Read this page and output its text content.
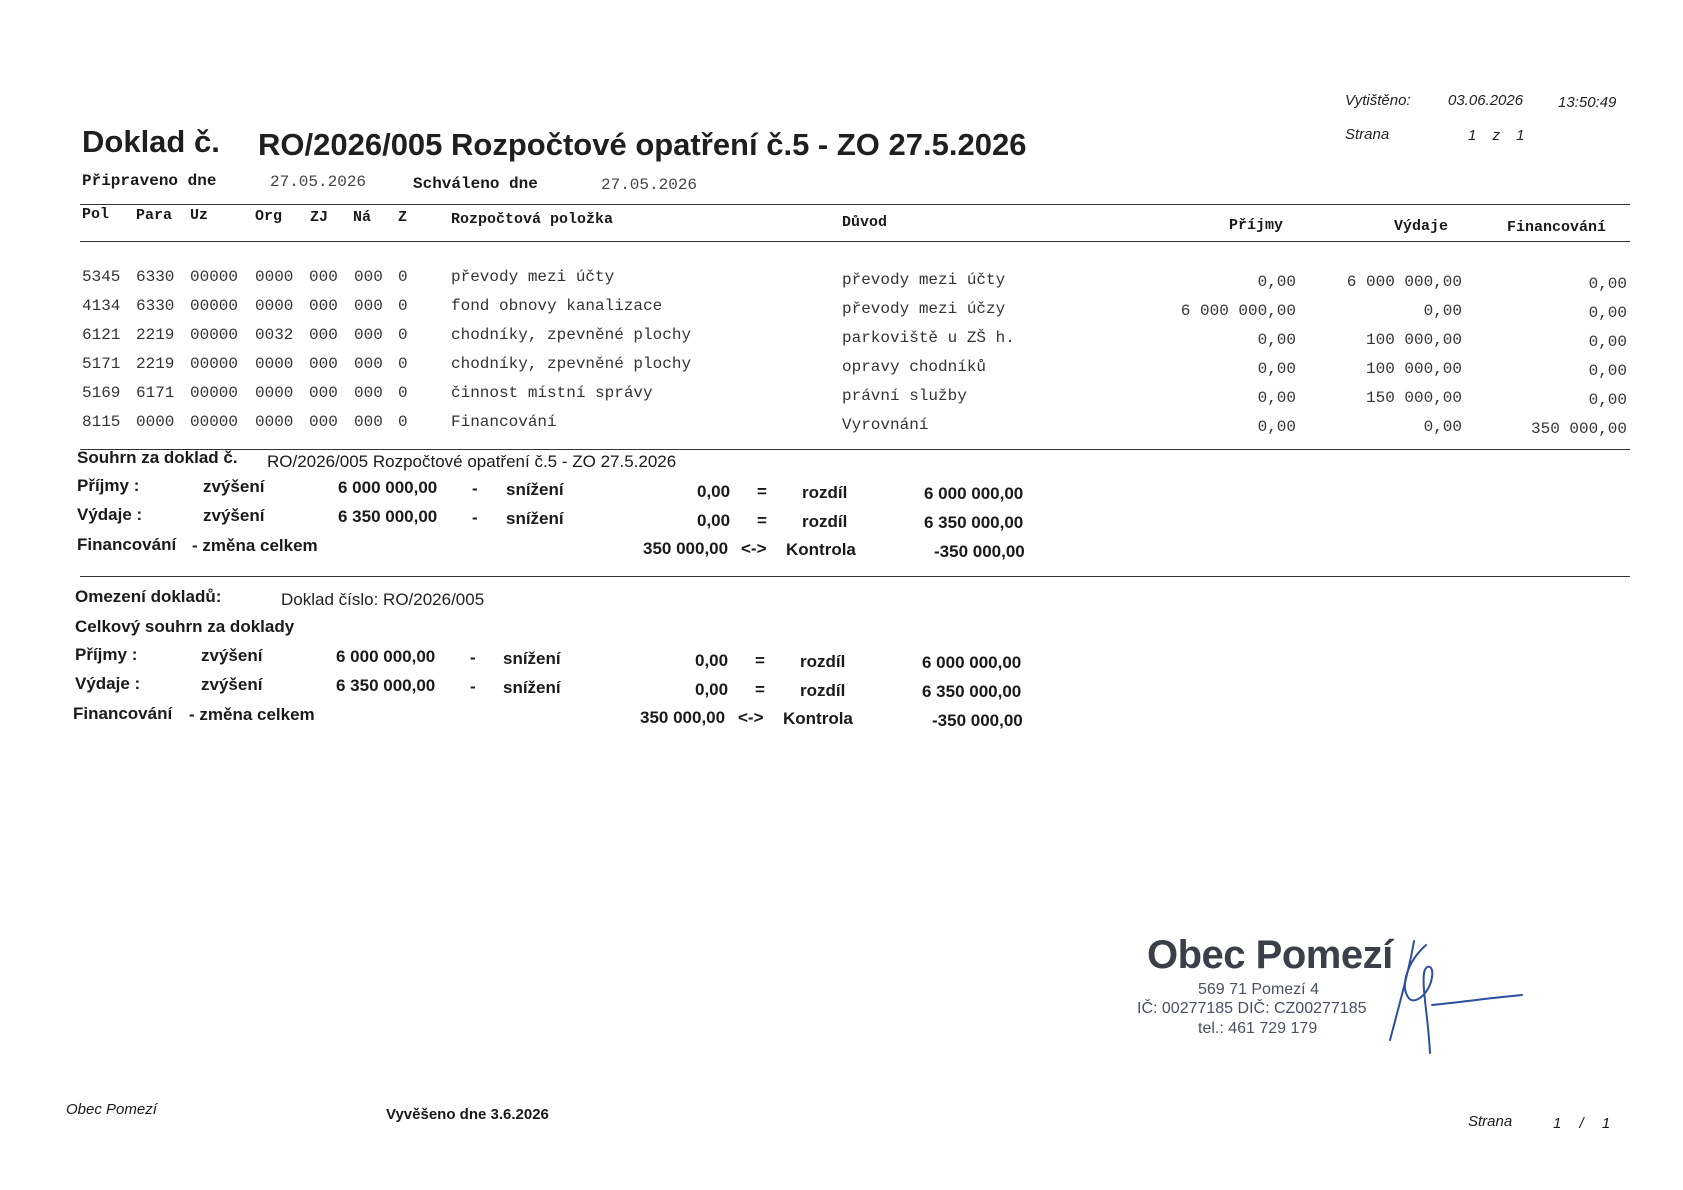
Vytištěno: 03.06.2026 13:50:49
Strana	1 z 1
Doklad č. RO/2026/005 Rozpočtové opatření č.5 - ZO 27.5.2026
Připraveno dne	27.05.2026	Schváleno dne	27.05.2026
Pol Para Uz	Org ZJ Ná Z	Rozpočtová položka	Důvod	Příjmy	Výdaje	Financování
5345 6330 00000 0000 000 000 0	převody mezi účty	převody mezi účty	0,00	6 000 000,00	0,00
4134 6330 00000 0000 000 000 0	fond obnovy kanalizace	převody mezi účzy	6 000 000,00	0,00	0,00
6121 2219 00000 0032 000 000 0	chodníky, zpevněné plochy	parkoviště u ZŠ h.	0,00	100 000,00	0,00
5171 2219 00000 0000 000 000 0	chodníky, zpevněné plochy	opravy chodníků	0,00	100 000,00	0,00
5169 6171 00000 0000 000 000 0	činnost místní správy	právní služby	0,00	150 000,00	0,00
8115 0000 00000 0000 000 000 0	Financování	Vyrovnání	0,00	0,00	350 000,00
Souhrn za doklad č. RO/2026/005 Rozpočtové opatření č.5 - ZO 27.5.2026
Příjmy :	zvýšení	6 000 000,00 - snížení	0,00 = rozdíl	6 000 000,00
Výdaje :	zvýšení	6 350 000,00 - snížení	0,00 = rozdíl	6 350 000,00
Financování - změna celkem	350 000,00 <-> Kontrola	-350 000,00
Omezení dokladů:	Doklad číslo: RO/2026/005
Celkový souhrn za doklady
Příjmy :	zvýšení	6 000 000,00 - snížení	0,00 = rozdíl	6 000 000,00
Výdaje :	zvýšení	6 350 000,00 - snížení	0,00 = rozdíl	6 350 000,00
Financování - změna celkem	350 000,00 <-> Kontrola	-350 000,00
Obec Pomezí
569 71 Pomezí 4
IČ: 00277185 DIČ: CZ00277185
tel.: 461 729 179
Obec Pomezí	Vyvěšeno dne 3.6.2026	Strana	1 / 1
